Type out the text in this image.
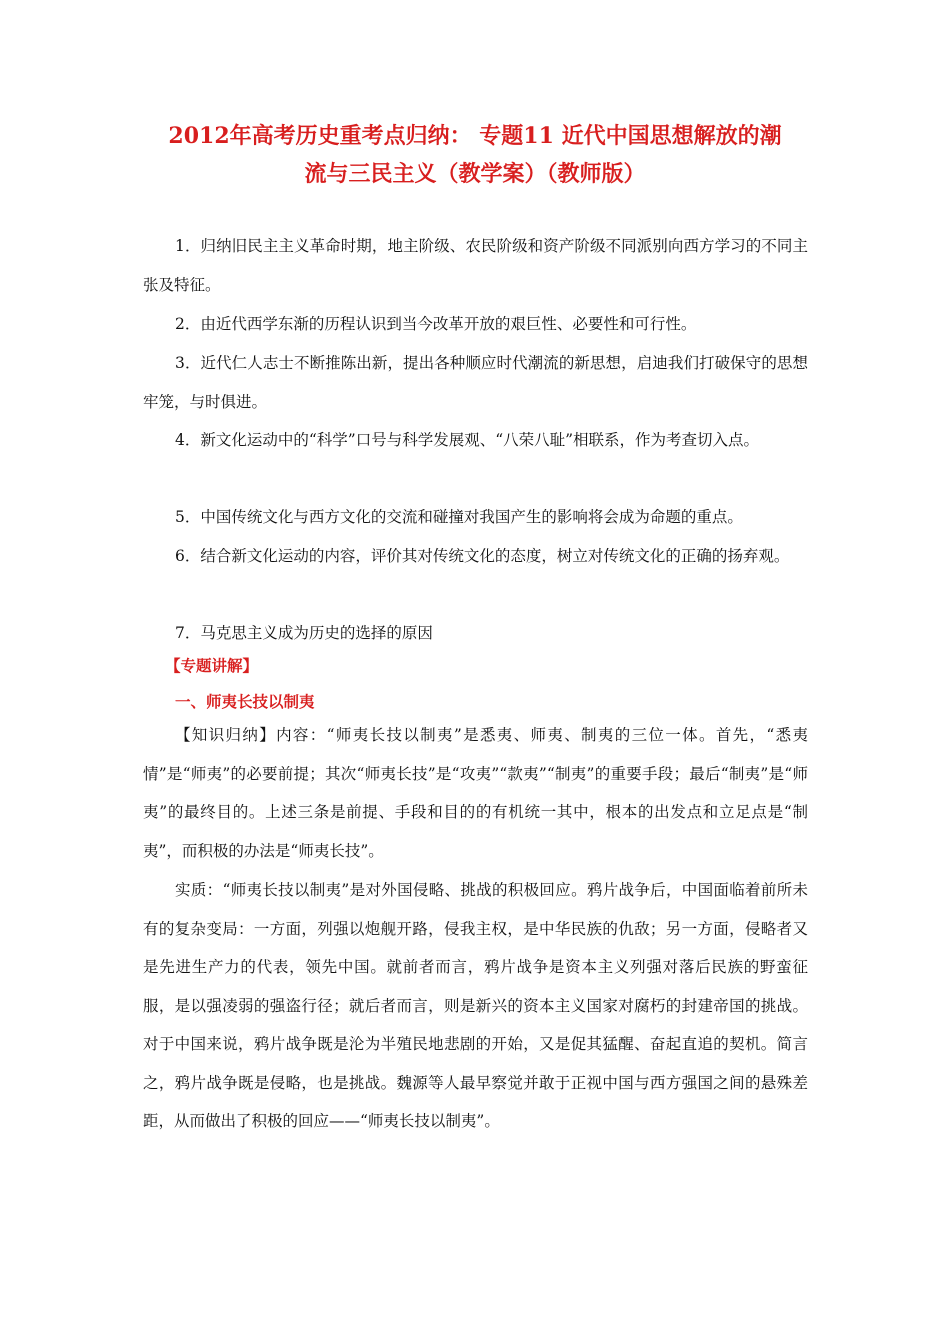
2012年高考历史重考点归纳： 专题11 近代中国思想解放的潮
流与三民主义（教学案）（教师版）

1．归纳旧民主主义革命时期，地主阶级、农民阶级和资产阶级不同派别向西方学习的不同主张及特征。

2．由近代西学东渐的历程认识到当今改革开放的艰巨性、必要性和可行性。

3．近代仁人志士不断推陈出新，提出各种顺应时代潮流的新思想，启迪我们打破保守的思想牢笼，与时俱进。

4．新文化运动中的“科学”口号与科学发展观、“八荣八耻”相联系，作为考查切入点。

5．中国传统文化与西方文化的交流和碰撞对我国产生的影响将会成为命题的重点。

6．结合新文化运动的内容，评价其对传统文化的态度，树立对传统文化的正确的扬弃观。

7．马克思主义成为历史的选择的原因

【专题讲解】

一、师夷长技以制夷

【知识归纳】内容：“师夷长技以制夷”是悉夷、师夷、制夷的三位一体。首先，“悉夷情”是“师夷”的必要前提；其次“师夷长技”是“攻夷”“款夷”“制夷”的重要手段；最后“制夷”是“师夷”的最终目的。上述三条是前提、手段和目的的有机统一其中，根本的出发点和立足点是“制夷”，而积极的办法是“师夷长技”。

实质：“师夷长技以制夷”是对外国侵略、挑战的积极回应。鸦片战争后，中国面临着前所未有的复杂变局：一方面，列强以炮舰开路，侵我主权，是中华民族的仇敌；另一方面，侵略者又是先进生产力的代表，领先中国。就前者而言，鸦片战争是资本主义列强对落后民族的野蛮征服，是以强凌弱的强盗行径；就后者而言，则是新兴的资本主义国家对腐朽的封建帝国的挑战。对于中国来说，鸦片战争既是沦为半殖民地悲剧的开始，又是促其猛醒、奋起直追的契机。简言之，鸦片战争既是侵略，也是挑战。魏源等人最早察觉并敢于正视中国与西方强国之间的悬殊差距，从而做出了积极的回应——“师夷长技以制夷”。
